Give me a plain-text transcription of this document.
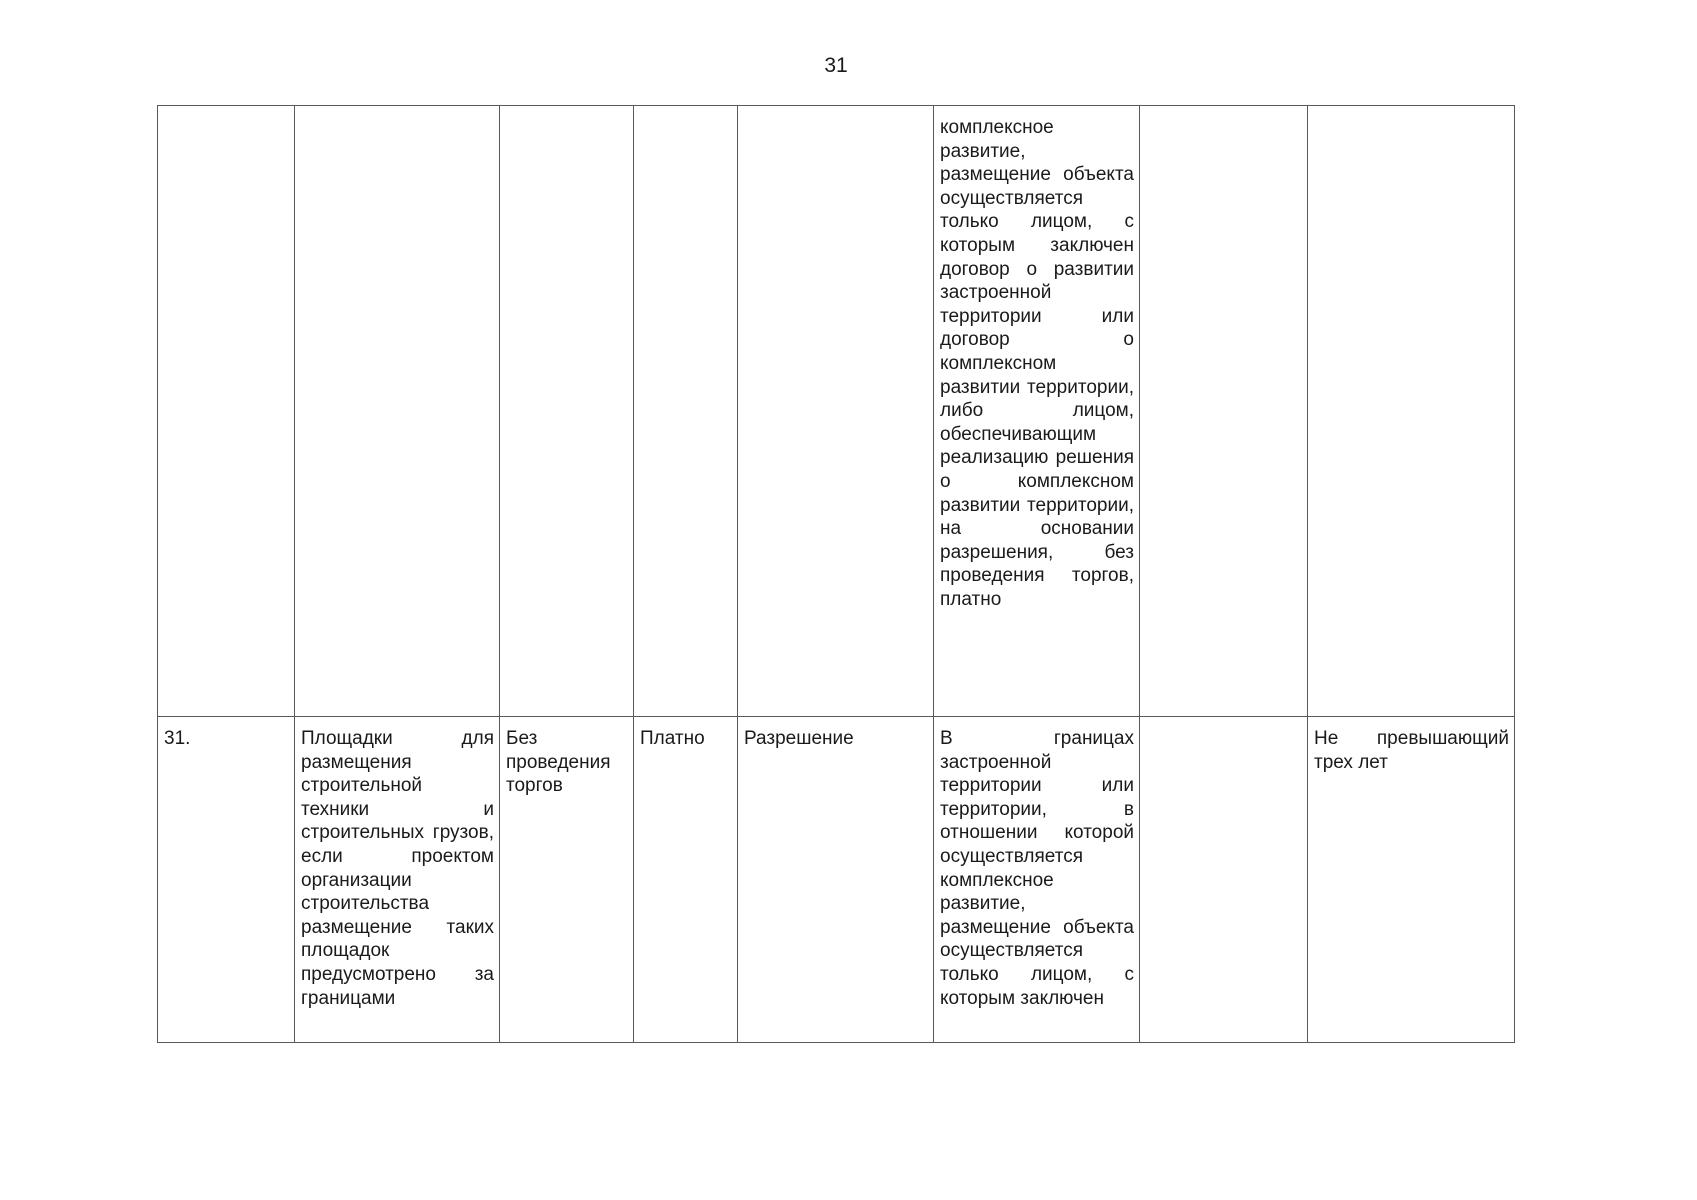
31
					комплексное развитие, размещение объекта осуществляется только лицом, с которым заключен договор о развитии застроенной территории или договор о комплексном развитии территории, либо лицом, обеспечивающим реализацию решения о комплексном развитии территории, на основании разрешения, без проведения торгов, платно		
31.	Площадки для размещения строительной техники и строительных грузов, если проектом организации строительства размещение таких площадок предусмотрено за границами	Без проведения торгов	Платно	Разрешение	В границах застроенной территории или территории, в отношении которой осуществляется комплексное развитие, размещение объекта осуществляется только лицом, с которым заключен		Не превышающий трех лет
